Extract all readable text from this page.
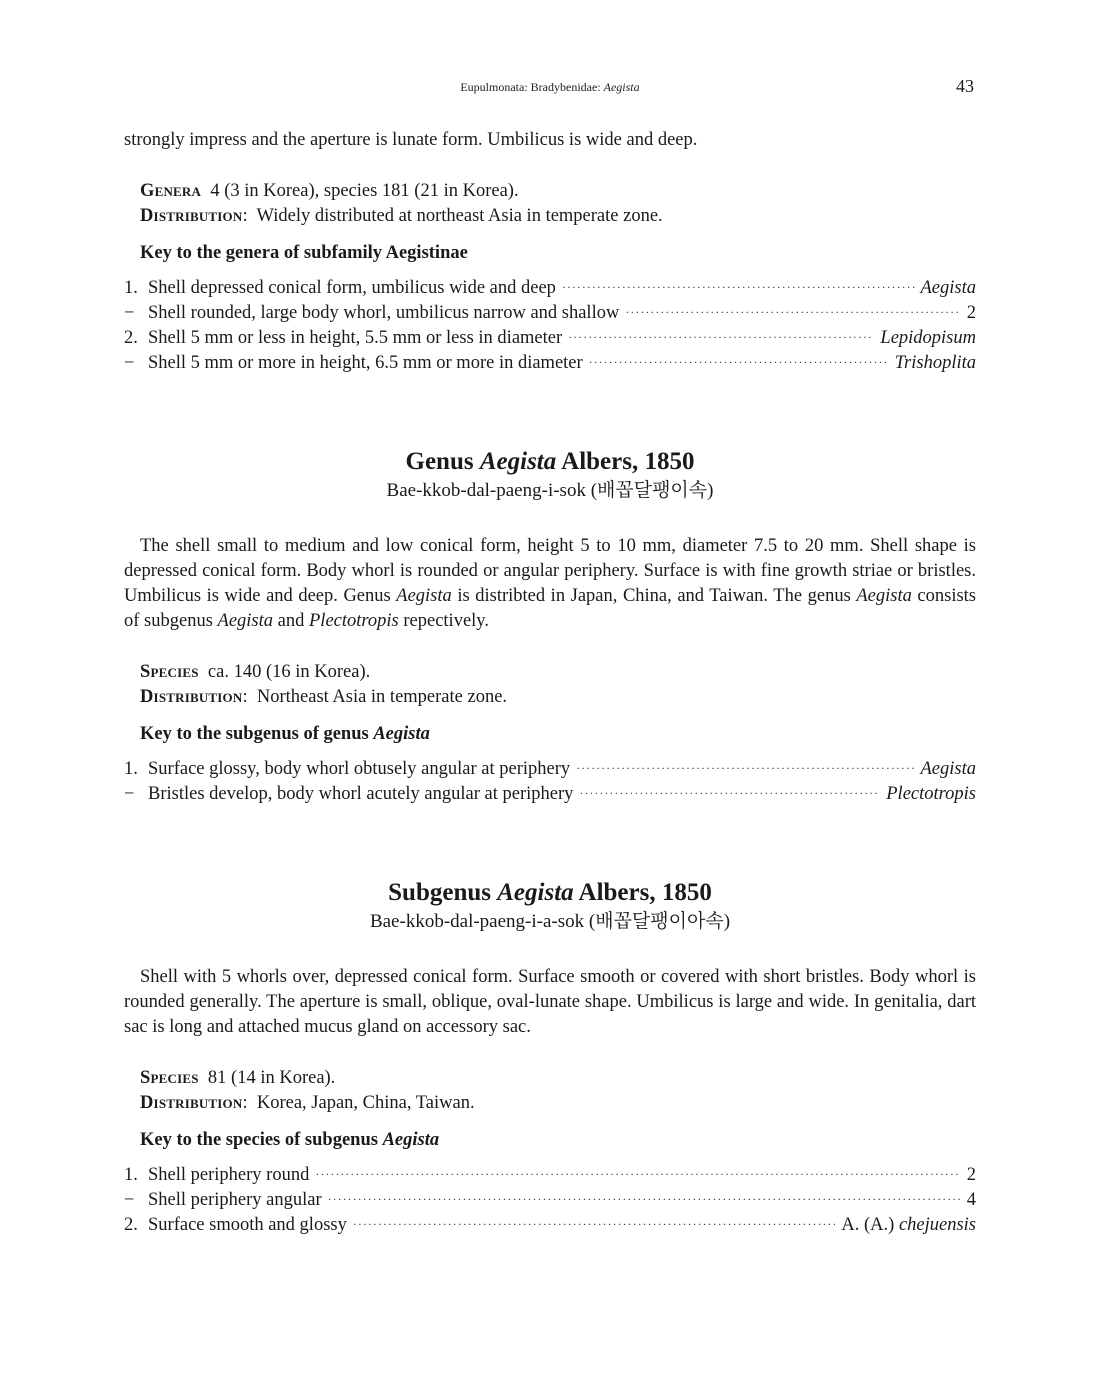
Eupulmonata: Bradybenidae: Aegista	43

strongly impress and the aperture is lunate form. Umbilicus is wide and deep.

Genera 4 (3 in Korea), species 181 (21 in Korea).

Distribution:  Widely distributed at northeast Asia in temperate zone.

Key to the genera of subfamily Aegistinae

1. Shell depressed conical form, umbilicus wide and deep ·····	Aegista
− Shell rounded, large body whorl, umbilicus narrow and shallow ·····	2
2. Shell 5 mm or less in height, 5.5 mm or less in diameter ·····	Lepidopisum
− Shell 5 mm or more in height, 6.5 mm or more in diameter ·····	Trishoplita
Genus Aegista Albers, 1850

Bae-kkob-dal-paeng-i-sok (배꼽달팽이속)

The shell small to medium and low conical form, height 5 to 10 mm, diameter 7.5 to 20 mm. Shell shape is depressed conical form. Body whorl is rounded or angular periphery. Surface is with fine growth striae or bristles. Umbilicus is wide and deep. Genus Aegista is distribted in Japan, China, and Taiwan. The genus Aegista consists of subgenus Aegista and Plectotropis repectively.

Species ca. 140 (16 in Korea).

Distribution:  Northeast Asia in temperate zone.

Key to the subgenus of genus Aegista

1. Surface glossy, body whorl obtusely angular at periphery ·····	Aegista
− Bristles develop, body whorl acutely angular at periphery ·····	Plectotropis
Subgenus Aegista Albers, 1850

Bae-kkob-dal-paeng-i-a-sok (배꼽달팽이아속)

Shell with 5 whorls over, depressed conical form. Surface smooth or covered with short bristles. Body whorl is rounded generally. The aperture is small, oblique, oval-lunate shape. Umbilicus is large and wide. In genitalia, dart sac is long and attached mucus gland on accessory sac.

Species 81 (14 in Korea).

Distribution:  Korea, Japan, China, Taiwan.

Key to the species of subgenus Aegista

1. Shell periphery round ·····	2
− Shell periphery angular ·····	4
2. Surface smooth and glossy ·····	A. (A.) chejuensis
